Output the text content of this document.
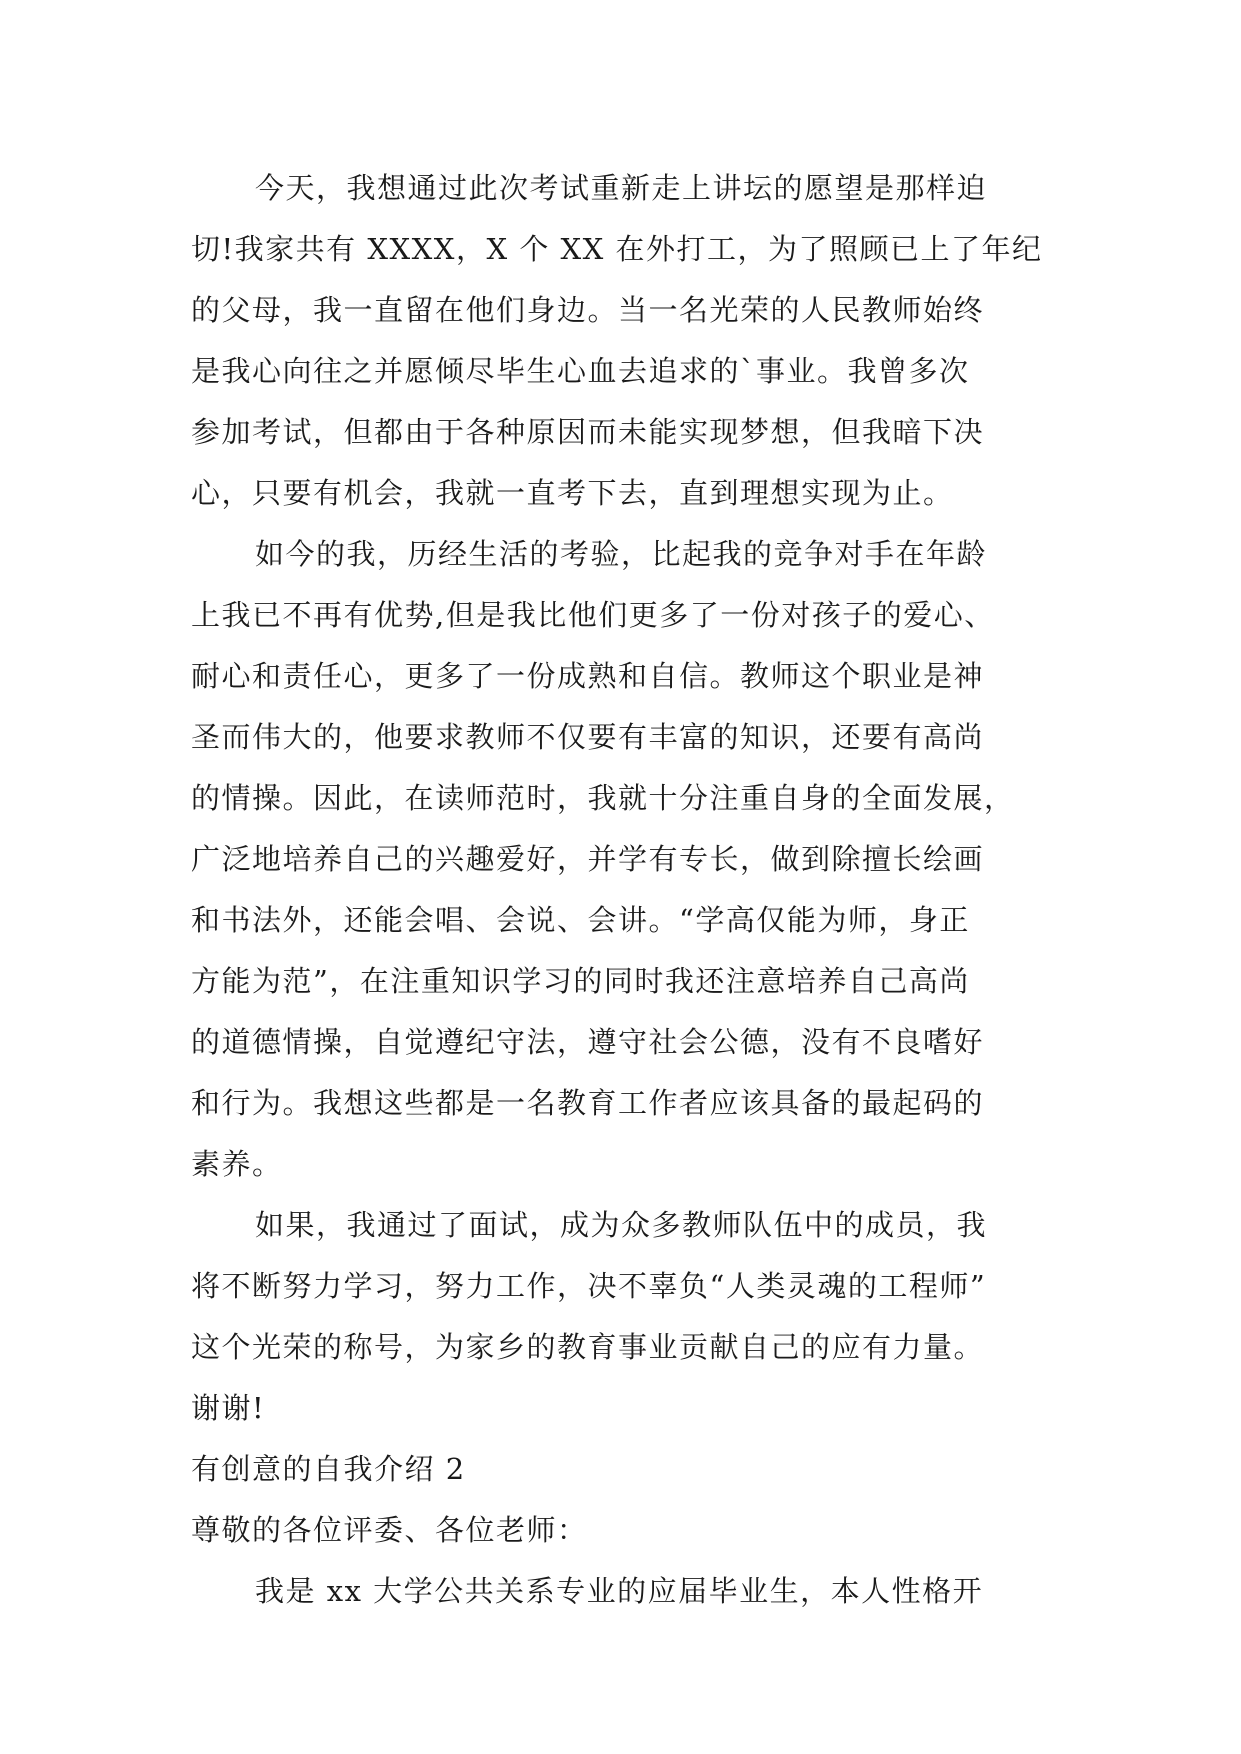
今天，我想通过此次考试重新走上讲坛的愿望是那样迫
切!我家共有 XXXX，X 个 XX 在外打工，为了照顾已上了年纪
的父母，我一直留在他们身边。当一名光荣的人民教师始终
是我心向往之并愿倾尽毕生心血去追求的`事业。我曾多次
参加考试，但都由于各种原因而未能实现梦想，但我暗下决
心，只要有机会，我就一直考下去，直到理想实现为止。
如今的我，历经生活的考验，比起我的竞争对手在年龄
上我已不再有优势,但是我比他们更多了一份对孩子的爱心、
耐心和责任心，更多了一份成熟和自信。教师这个职业是神
圣而伟大的，他要求教师不仅要有丰富的知识，还要有高尚
的情操。因此，在读师范时，我就十分注重自身的全面发展，
广泛地培养自己的兴趣爱好，并学有专长，做到除擅长绘画
和书法外，还能会唱、会说、会讲。“学高仅能为师，身正
方能为范”，在注重知识学习的同时我还注意培养自己高尚
的道德情操，自觉遵纪守法，遵守社会公德，没有不良嗜好
和行为。我想这些都是一名教育工作者应该具备的最起码的
素养。
如果，我通过了面试，成为众多教师队伍中的成员，我
将不断努力学习，努力工作，决不辜负“人类灵魂的工程师”
这个光荣的称号，为家乡的教育事业贡献自己的应有力量。
谢谢!
有创意的自我介绍 2
尊敬的各位评委、各位老师：
我是 xx 大学公共关系专业的应届毕业生，本人性格开
